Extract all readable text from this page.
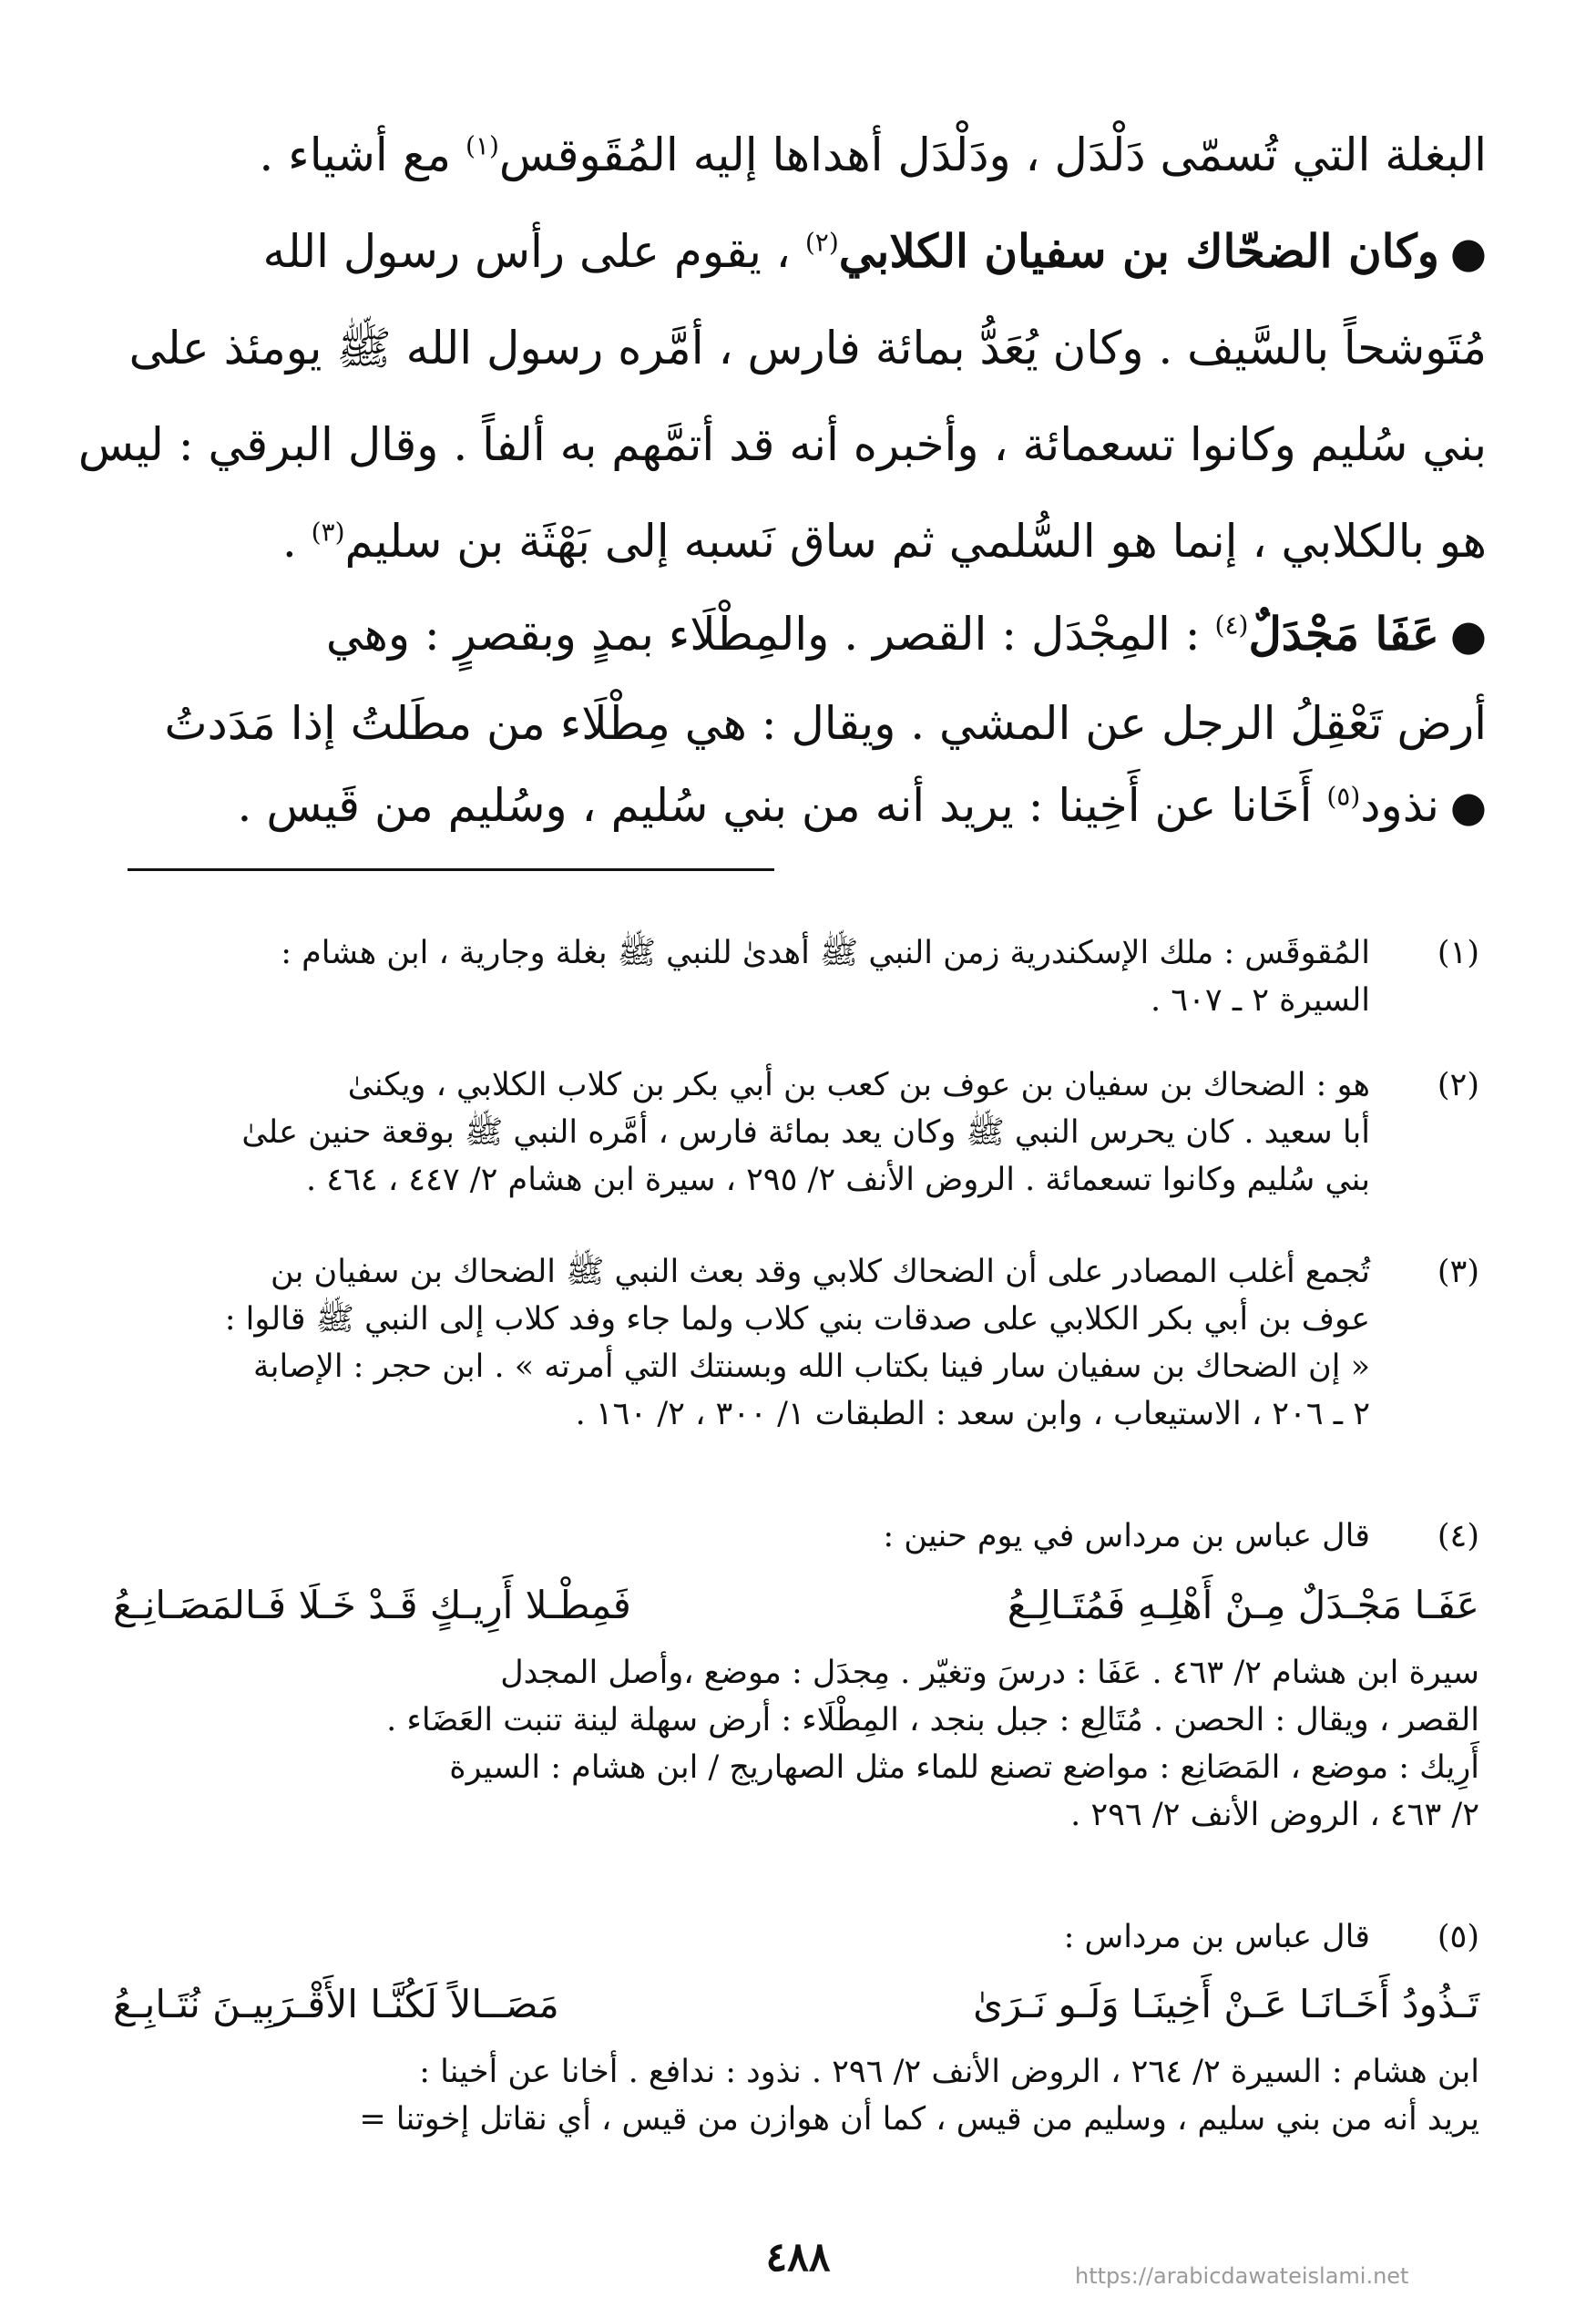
البغلة التي تُسمّى دَلْدَل ، ودَلْدَل أهداها إليه المُقَوقس$^{(١)}$ مع أشياء .
●وكان الضحّاك بن سفيان الكلابي$^{(٢)}$ ، يقوم على رأس رسول الله
مُتَوشحاً بالسَّيف . وكان يُعَدُّ بمائة فارس ، أمَّره رسول الله ﷺ يومئذ على
بني سُليم وكانوا تسعمائة ، وأخبره أنه قد أتمَّهم به ألفاً . وقال البرقي : ليس
هو بالكلابي ، إنما هو السُّلمي ثم ساق نَسبه إلى بَهْثَة بن سليم$^{(٣)}$ .
●عَفَا مَجْدَلٌ$^{(٤)}$ : المِجْدَل : القصر . والمِطْلَاء بمدٍ وبقصرٍ : وهي
أرض تَعْقِلُ الرجل عن المشي . ويقال : هي مِطْلَاء من مطَلتُ إذا مَدَدتُ
●نذود$^{(٥)}$ أَخَانا عن أَخِينا : يريد أنه من بني سُليم ، وسُليم من قَيس .
(١)
المُقوقَس : ملك الإسكندرية زمن النبي ﷺ أهدىٰ للنبي ﷺ بغلة وجارية ، ابن هشام :
السيرة ٢ ـ ٦٠٧ .
(٢)
هو : الضحاك بن سفيان بن عوف بن كعب بن أبي بكر بن كلاب الكلابي ، ويكنىٰ
أبا سعيد . كان يحرس النبي ﷺ وكان يعد بمائة فارس ، أمَّره النبي ﷺ بوقعة حنين علىٰ
بني سُليم وكانوا تسعمائة . الروض الأنف ٢/ ٢٩٥ ، سيرة ابن هشام ٢/ ٤٤٧ ، ٤٦٤ .
(٣)
تُجمع أغلب المصادر على أن الضحاك كلابي وقد بعث النبي ﷺ الضحاك بن سفيان بن
عوف بن أبي بكر الكلابي على صدقات بني كلاب ولما جاء وفد كلاب إلى النبي ﷺ قالوا :
« إن الضحاك بن سفيان سار فينا بكتاب الله وبسنتك التي أمرته » . ابن حجر : الإصابة
٢ ـ ٢٠٦ ، الاستيعاب ، وابن سعد : الطبقات ١/ ٣٠٠ ، ٢/ ١٦٠ .
(٤)
قال عباس بن مرداس في يوم حنين :
عَفَـا مَجْـدَلٌ مِـنْ أَهْلِـهِ فَمُتَـالِـعُ
فَمِطْـلا أَرِيـكٍ قَـدْ خَـلَا فَـالمَصَـانِـعُ
سيرة ابن هشام ٢/ ٤٦٣ . عَفَا : درسَ وتغيّر . مِجدَل : موضع ،وأصل المجدل
القصر ، ويقال : الحصن . مُتَالِع : جبل بنجد ، المِطْلَاء : أرض سهلة لينة تنبت العَضَاء .
أَرِيك : موضع ، المَصَانِع : مواضع تصنع للماء مثل الصهاريج / ابن هشام : السيرة
٢/ ٤٦٣ ، الروض الأنف ٢/ ٢٩٦ .
(٥)
قال عباس بن مرداس :
تَـذُودُ أَخَـانَـا عَـنْ أَخِينَـا وَلَـو نَـرَىٰ
مَصَــالاً لَكُنَّـا الأَقْـرَبِيـنَ نُتَـابِـعُ
ابن هشام : السيرة ٢/ ٢٦٤ ، الروض الأنف ٢/ ٢٩٦ . نذود : ندافع . أخانا عن أخينا :
يريد أنه من بني سليم ، وسليم من قيس ، كما أن هوازن من قيس ، أي نقاتل إخوتنا =
https://arabicdawateislami.net
٤٨٨
